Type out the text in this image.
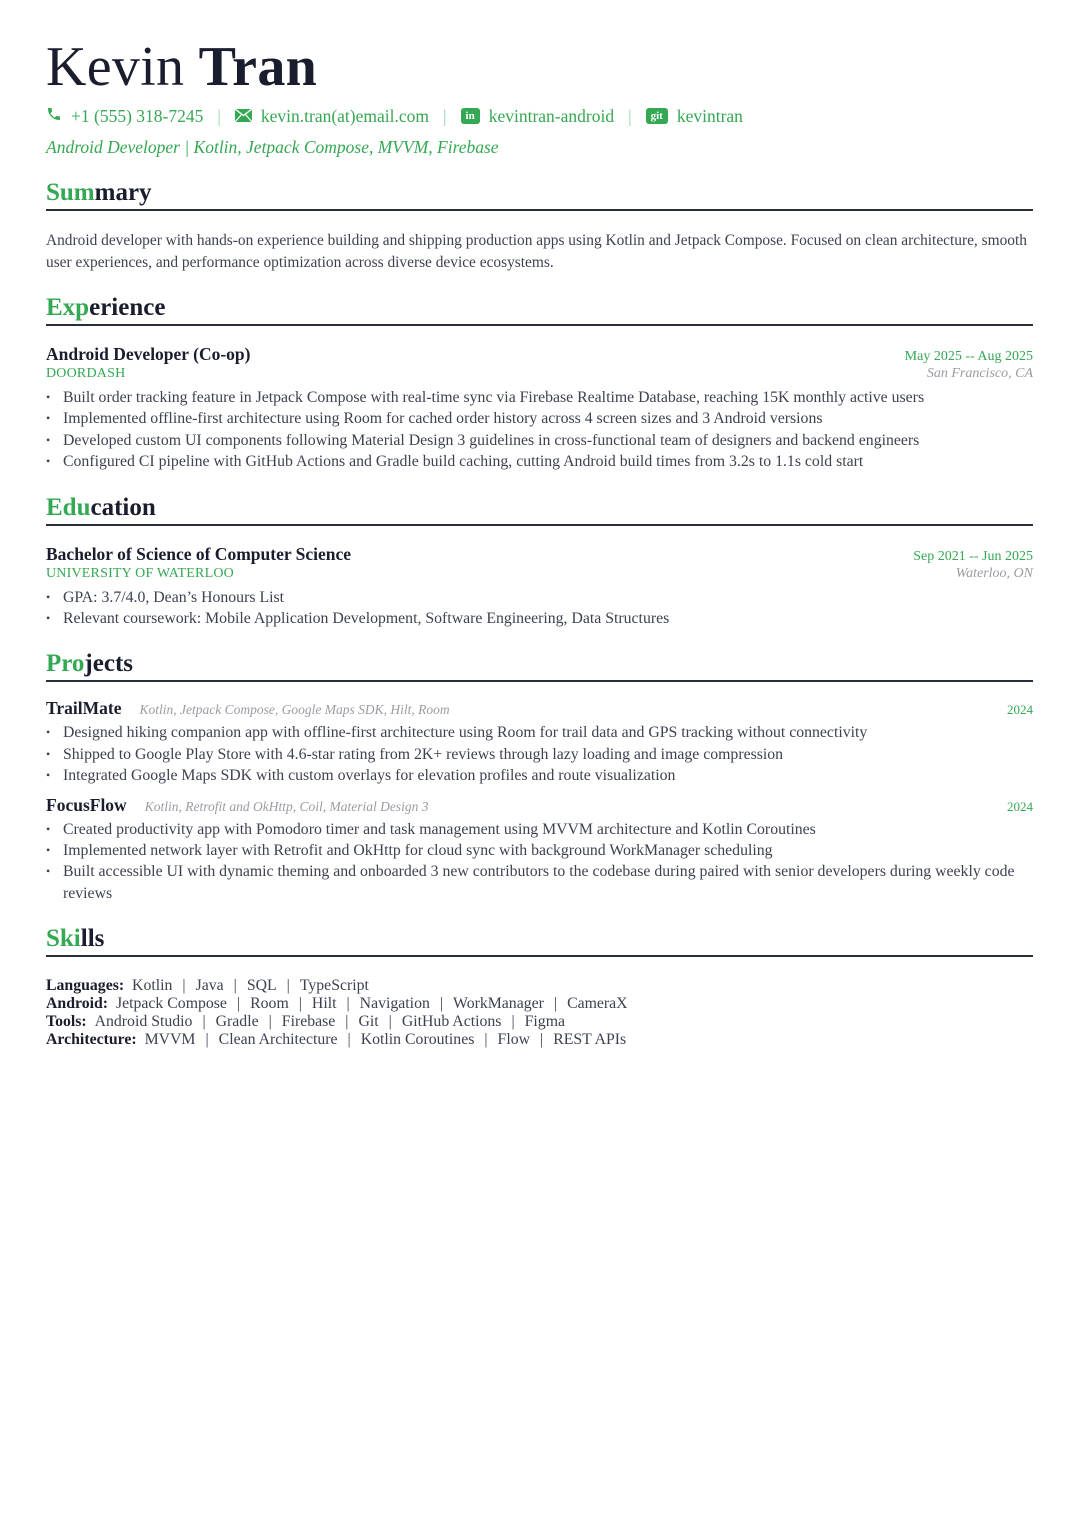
Kevin Tran
+1 (555) 318-7245 | kevin.tran(at)email.com |	in kevintran-android |	git kevintran
Android Developer | Kotlin, Jetpack Compose, MVVM, Firebase
Summary
Android developer with hands-on experience building and shipping production apps using Kotlin and Jetpack Compose. Focused on clean architecture, smooth user experiences, and performance optimization across diverse device ecosystems.
Experience
Android Developer (Co-op)	May 2025 -- Aug 2025
DOORDASH	San Francisco, CA
• Built order tracking feature in Jetpack Compose with real-time sync via Firebase Realtime Database, reaching 15K monthly active users
• Implemented offline-first architecture using Room for cached order history across 4 screen sizes and 3 Android versions
• Developed custom UI components following Material Design 3 guidelines in cross-functional team of designers and backend engineers
• Configured CI pipeline with GitHub Actions and Gradle build caching, cutting Android build times from 3.2s to 1.1s cold start
Education
Bachelor of Science of Computer Science	Sep 2021 -- Jun 2025
UNIVERSITY OF WATERLOO	Waterloo, ON
• GPA: 3.7/4.0, Dean’s Honours List
• Relevant coursework: Mobile Application Development, Software Engineering, Data Structures
Projects
TrailMate Kotlin, Jetpack Compose, Google Maps SDK, Hilt, Room	2024
• Designed hiking companion app with offline-first architecture using Room for trail data and GPS tracking without connectivity
• Shipped to Google Play Store with 4.6-star rating from 2K+ reviews through lazy loading and image compression
• Integrated Google Maps SDK with custom overlays for elevation profiles and route visualization
FocusFlow Kotlin, Retrofit and OkHttp, Coil, Material Design 3	2024
• Created productivity app with Pomodoro timer and task management using MVVM architecture and Kotlin Coroutines
• Implemented network layer with Retrofit and OkHttp for cloud sync with background WorkManager scheduling
• Built accessible UI with dynamic theming and onboarded 3 new contributors to the codebase during paired with senior developers during weekly code reviews
Skills
Languages: Kotlin | Java | SQL | TypeScript
Android: Jetpack Compose | Room | Hilt | Navigation | WorkManager | CameraX
Tools: Android Studio | Gradle | Firebase | Git | GitHub Actions | Figma
Architecture: MVVM | Clean Architecture | Kotlin Coroutines | Flow | REST APIs
